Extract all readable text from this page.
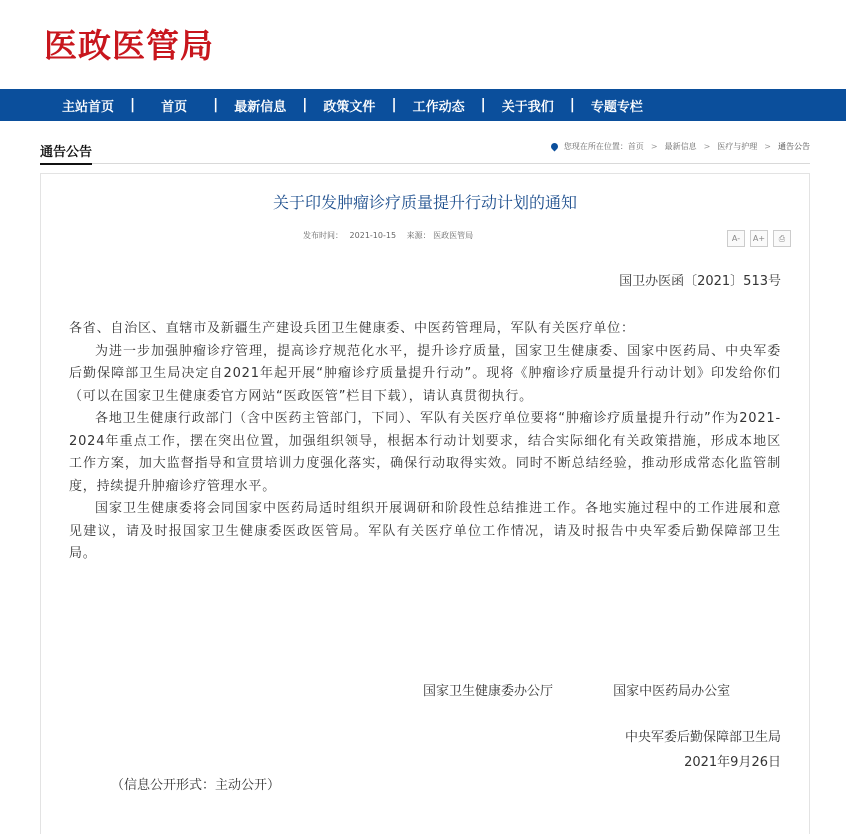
医政医管局
主站首页 | 首页 | 最新信息 | 政策文件 | 工作动态 | 关于我们 | 专题专栏
通告公告	您现在所在位置： 首页 > 最新信息 > 医疗与护理 > 通告公告
关于印发肿瘤诊疗质量提升行动计划的通知
发布时间： 2021-10-15 来源： 医政医管局	A-	A+	⎙
国卫办医函〔2021〕513号

各省、自治区、直辖市及新疆生产建设兵团卫生健康委、中医药管理局，军队有关医疗单位：

为进一步加强肿瘤诊疗管理，提高诊疗规范化水平，提升诊疗质量，国家卫生健康委、国家中医药局、中央军委后勤保障部卫生局决定自2021年起开展“肿瘤诊疗质量提升行动”。现将《肿瘤诊疗质量提升行动计划》印发给你们（可以在国家卫生健康委官方网站“医政医管”栏目下载），请认真贯彻执行。

各地卫生健康行政部门（含中医药主管部门，下同）、军队有关医疗单位要将“肿瘤诊疗质量提升行动”作为2021-2024年重点工作，摆在突出位置，加强组织领导，根据本行动计划要求，结合实际细化有关政策措施，形成本地区工作方案，加大监督指导和宣贯培训力度强化落实，确保行动取得实效。同时不断总结经验，推动形成常态化监管制度，持续提升肿瘤诊疗管理水平。

国家卫生健康委将会同国家中医药局适时组织开展调研和阶段性总结推进工作。各地实施过程中的工作进展和意见建议，请及时报国家卫生健康委医政医管局。军队有关医疗单位工作情况，请及时报告中央军委后勤保障部卫生局。

国家卫生健康委办公厅	国家中医药局办公室
中央军委后勤保障部卫生局
2021年9月26日
（信息公开形式：主动公开）
